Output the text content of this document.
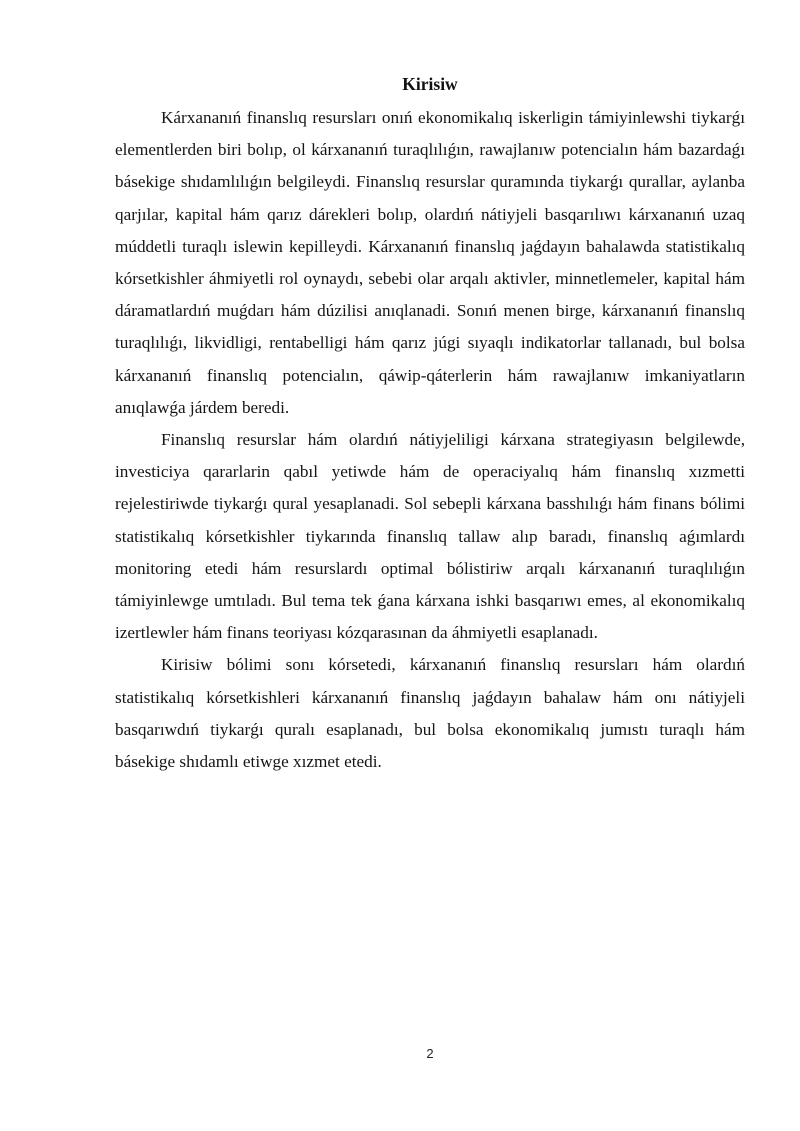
Kirisiw

Kárxananıń finanslıq resursları onıń ekonomikalıq iskerligin támiyinlewshi tiykarǵı elementlerden biri bolıp, ol kárxananıń turaqlılıǵın, rawajlanıw potencialın hám bazardaǵı básekige shıdamlılıǵın belgileydi. Finanslıq resurslar quramında tiykarǵı qurallar, aylanba qarjılar, kapital hám qarız dárekleri bolıp, olardıń nátiyjeli basqarılıwı kárxananıń uzaq múddetli turaqlı islewin kepilleydi. Kárxananıń finanslıq jaǵdayın bahalawda statistikalıq kórsetkishler áhmiyetli rol oynaydı, sebebi olar arqalı aktivler, minnetlemeler, kapital hám dáramatlardıń muǵdarı hám dúzilisi anıqlanadi. Sonıń menen birge, kárxananıń finanslıq turaqlılıǵı, likvidligi, rentabelligi hám qarız júgi sıyaqlı indikatorlar tallanadı, bul bolsa kárxananıń finanslıq potencialın, qáwip-qáterlerin hám rawajlanıw imkaniyatların anıqlawǵa járdem beredi.

Finanslıq resurslar hám olardıń nátiyjeliligi kárxana strategiyasın belgilewde, investiciya qararlarin qabıl yetiwde hám de operaciyalıq hám finanslıq xızmetti rejelestiriwde tiykarǵı qural yesaplanadi. Sol sebepli kárxana basshılıǵı hám finans bólimi statistikalıq kórsetkishler tiykarında finanslıq tallaw alıp baradı, finanslıq aǵımlardı monitoring etedi hám resurslardı optimal bólistiriw arqalı kárxananıń turaqlılıǵın támiyinlewge umtıladı. Bul tema tek ǵana kárxana ishki basqarıwı emes, al ekonomikalıq izertlewler hám finans teoriyası kózqarasınan da áhmiyetli esaplanadı.

Kirisiw bólimi sonı kórsetedi, kárxananıń finanslıq resursları hám olardıń statistikalıq kórsetkishleri kárxananıń finanslıq jaǵdayın bahalaw hám onı nátiyjeli basqarıwdıń tiykarǵı quralı esaplanadı, bul bolsa ekonomikalıq jumıstı turaqlı hám básekige shıdamlı etiwge xızmet etedi.

2
